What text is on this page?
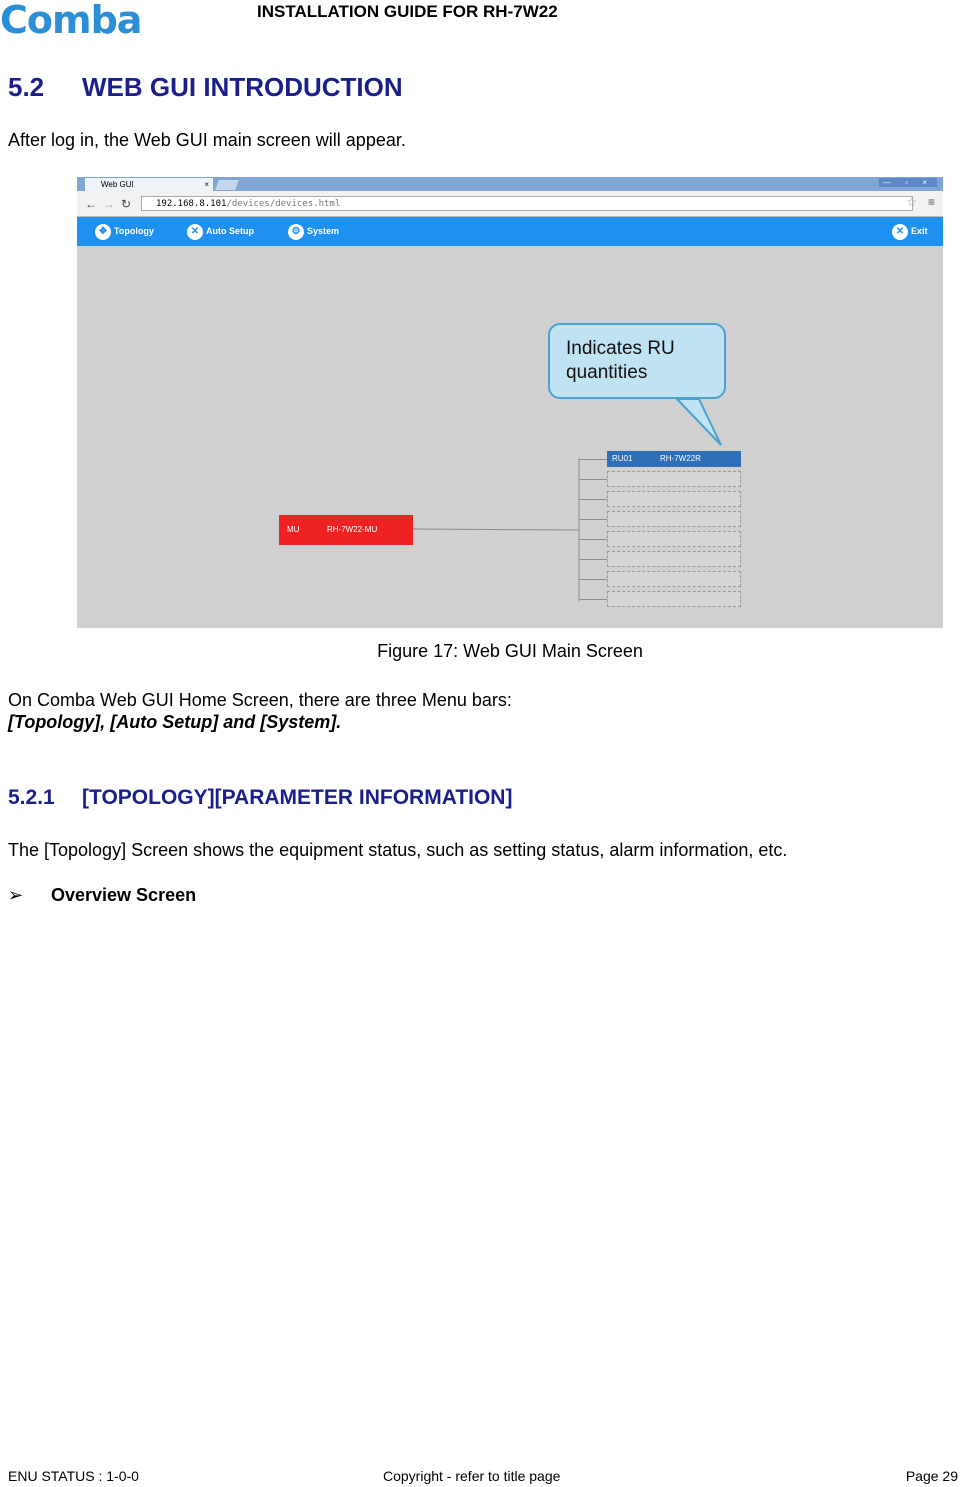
Comba	INSTALLATION GUIDE FOR RH-7W22
5.2 WEB GUI INTRODUCTION
After log in, the Web GUI main screen will appear.
Web GUI	×	— ▫ ×
← → ↻	192.168.8.101/devices/devices.html	☆ ≡
❖ Topology	✕ Auto Setup	⚙ System	✕ Exit
Indicates RU quantities
MU	RH-7W22-MU
RU01	RH-7W22R
Figure 17: Web GUI Main Screen
On Comba Web GUI Home Screen, there are three Menu bars:
[Topology], [Auto Setup] and [System].
5.2.1 [TOPOLOGY][PARAMETER INFORMATION]
The [Topology] Screen shows the equipment status, such as setting status, alarm information, etc.
➢ Overview Screen
ENU STATUS : 1-0-0	Copyright - refer to title page	Page 29
